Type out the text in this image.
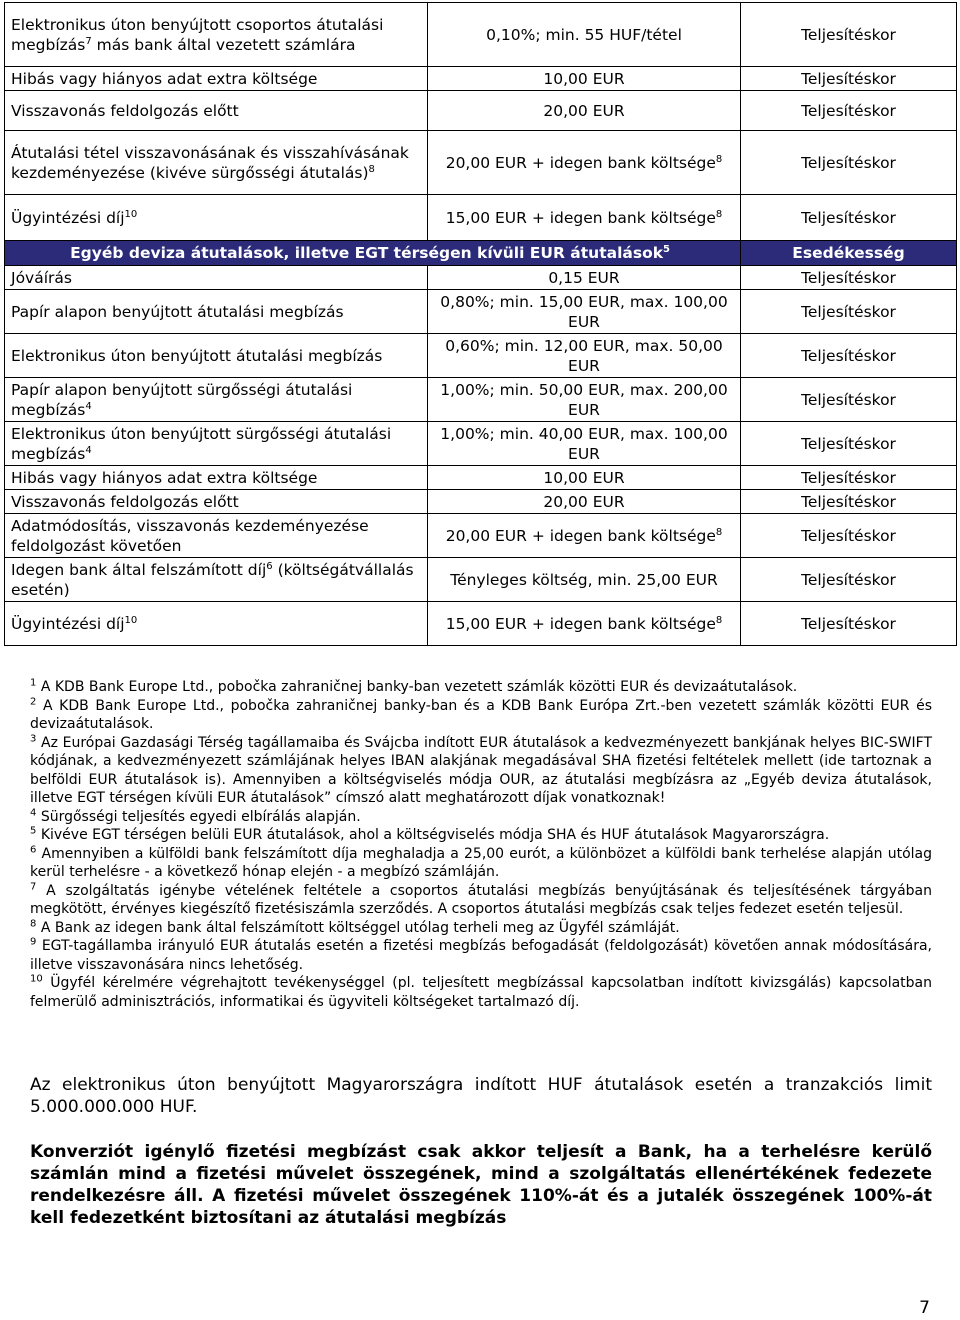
Elektronikus úton benyújtott csoportos átutalási megbízás$^7$ más bank által vezetett számlára	0,10%; min. 55 HUF/tétel	Teljesítéskor
Hibás vagy hiányos adat extra költsége	10,00 EUR	Teljesítéskor
Visszavonás feldolgozás előtt	20,00 EUR	Teljesítéskor
Átutalási tétel visszavonásának és visszahívásának kezdeményezése (kivéve sürgősségi átutalás)$^8$	20,00 EUR + idegen bank költsége$^8$	Teljesítéskor
Ügyintézési díj$^{10}$	15,00 EUR + idegen bank költsége$^8$	Teljesítéskor
Egyéb deviza átutalások, illetve EGT térségen kívüli EUR átutalások$^5$		Esedékesség
Jóváírás	0,15 EUR	Teljesítéskor
Papír alapon benyújtott átutalási megbízás	0,80%; min. 15,00 EUR, max. 100,00 EUR	Teljesítéskor
Elektronikus úton benyújtott átutalási megbízás	0,60%; min. 12,00 EUR, max. 50,00 EUR	Teljesítéskor
Papír alapon benyújtott sürgősségi átutalási megbízás$^4$	1,00%; min. 50,00 EUR, max. 200,00 EUR	Teljesítéskor
Elektronikus úton benyújtott sürgősségi átutalási megbízás$^4$	1,00%; min. 40,00 EUR, max. 100,00 EUR	Teljesítéskor
Hibás vagy hiányos adat extra költsége	10,00 EUR	Teljesítéskor
Visszavonás feldolgozás előtt	20,00 EUR	Teljesítéskor
Adatmódosítás, visszavonás kezdeményezése feldolgozást követően	20,00 EUR + idegen bank költsége$^8$	Teljesítéskor
Idegen bank által felszámított díj$^6$ (költségátvállalás esetén)	Tényleges költség, min. 25,00 EUR	Teljesítéskor
Ügyintézési díj$^{10}$	15,00 EUR + idegen bank költsége$^8$	Teljesítéskor

$^1$ A KDB Bank Europe Ltd., pobočka zahraničnej banky-ban vezetett számlák közötti EUR és devizaátutalások.

$^2$ A KDB Bank Europe Ltd., pobočka zahraničnej banky-ban és a KDB Bank Európa Zrt.-ben vezetett számlák közötti EUR és devizaátutalások.

$^3$ Az Európai Gazdasági Térség tagállamaiba és Svájcba indított EUR átutalások a kedvezményezett bankjának helyes BIC-SWIFT kódjának, a kedvezményezett számlájának helyes IBAN alakjának megadásával SHA fizetési feltételek mellett (ide tartoznak a belföldi EUR átutalások is). Amennyiben a költségviselés módja OUR, az átutalási megbízásra az „Egyéb deviza átutalások, illetve EGT térségen kívüli EUR átutalások” címszó alatt meghatározott díjak vonatkoznak!

$^4$ Sürgősségi teljesítés egyedi elbírálás alapján.

$^5$ Kivéve EGT térségen belüli EUR átutalások, ahol a költségviselés módja SHA és HUF átutalások Magyarországra.

$^6$ Amennyiben a külföldi bank felszámított díja meghaladja a 25,00 eurót, a különbözet a külföldi bank terhelése alapján utólag kerül terhelésre - a következő hónap elején - a megbízó számláján.

$^7$ A szolgáltatás igénybe vételének feltétele a csoportos átutalási megbízás benyújtásának és teljesítésének tárgyában megkötött, érvényes kiegészítő fizetésiszámla szerződés. A csoportos átutalási megbízás csak teljes fedezet esetén teljesül.

$^8$ A Bank az idegen bank által felszámított költséggel utólag terheli meg az Ügyfél számláját.

$^9$ EGT-tagállamba irányuló EUR átutalás esetén a fizetési megbízás befogadását (feldolgozását) követően annak módosítására, illetve visszavonására nincs lehetőség.

$^{10}$ Ügyfél kérelmére végrehajtott tevékenységgel (pl. teljesített megbízással kapcsolatban indított kivizsgálás) kapcsolatban felmerülő adminisztrációs, informatikai és ügyviteli költségeket tartalmazó díj.

Az elektronikus úton benyújtott Magyarországra indított HUF átutalások esetén a tranzakciós limit 5.000.000.000 HUF.

Konverziót igénylő fizetési megbízást csak akkor teljesít a Bank, ha a terhelésre kerülő számlán mind a fizetési művelet összegének, mind a szolgáltatás ellenértékének fedezete rendelkezésre áll. A fizetési művelet összegének 110%-át és a jutalék összegének 100%-át kell fedezetként biztosítani az átutalási megbízás

7
